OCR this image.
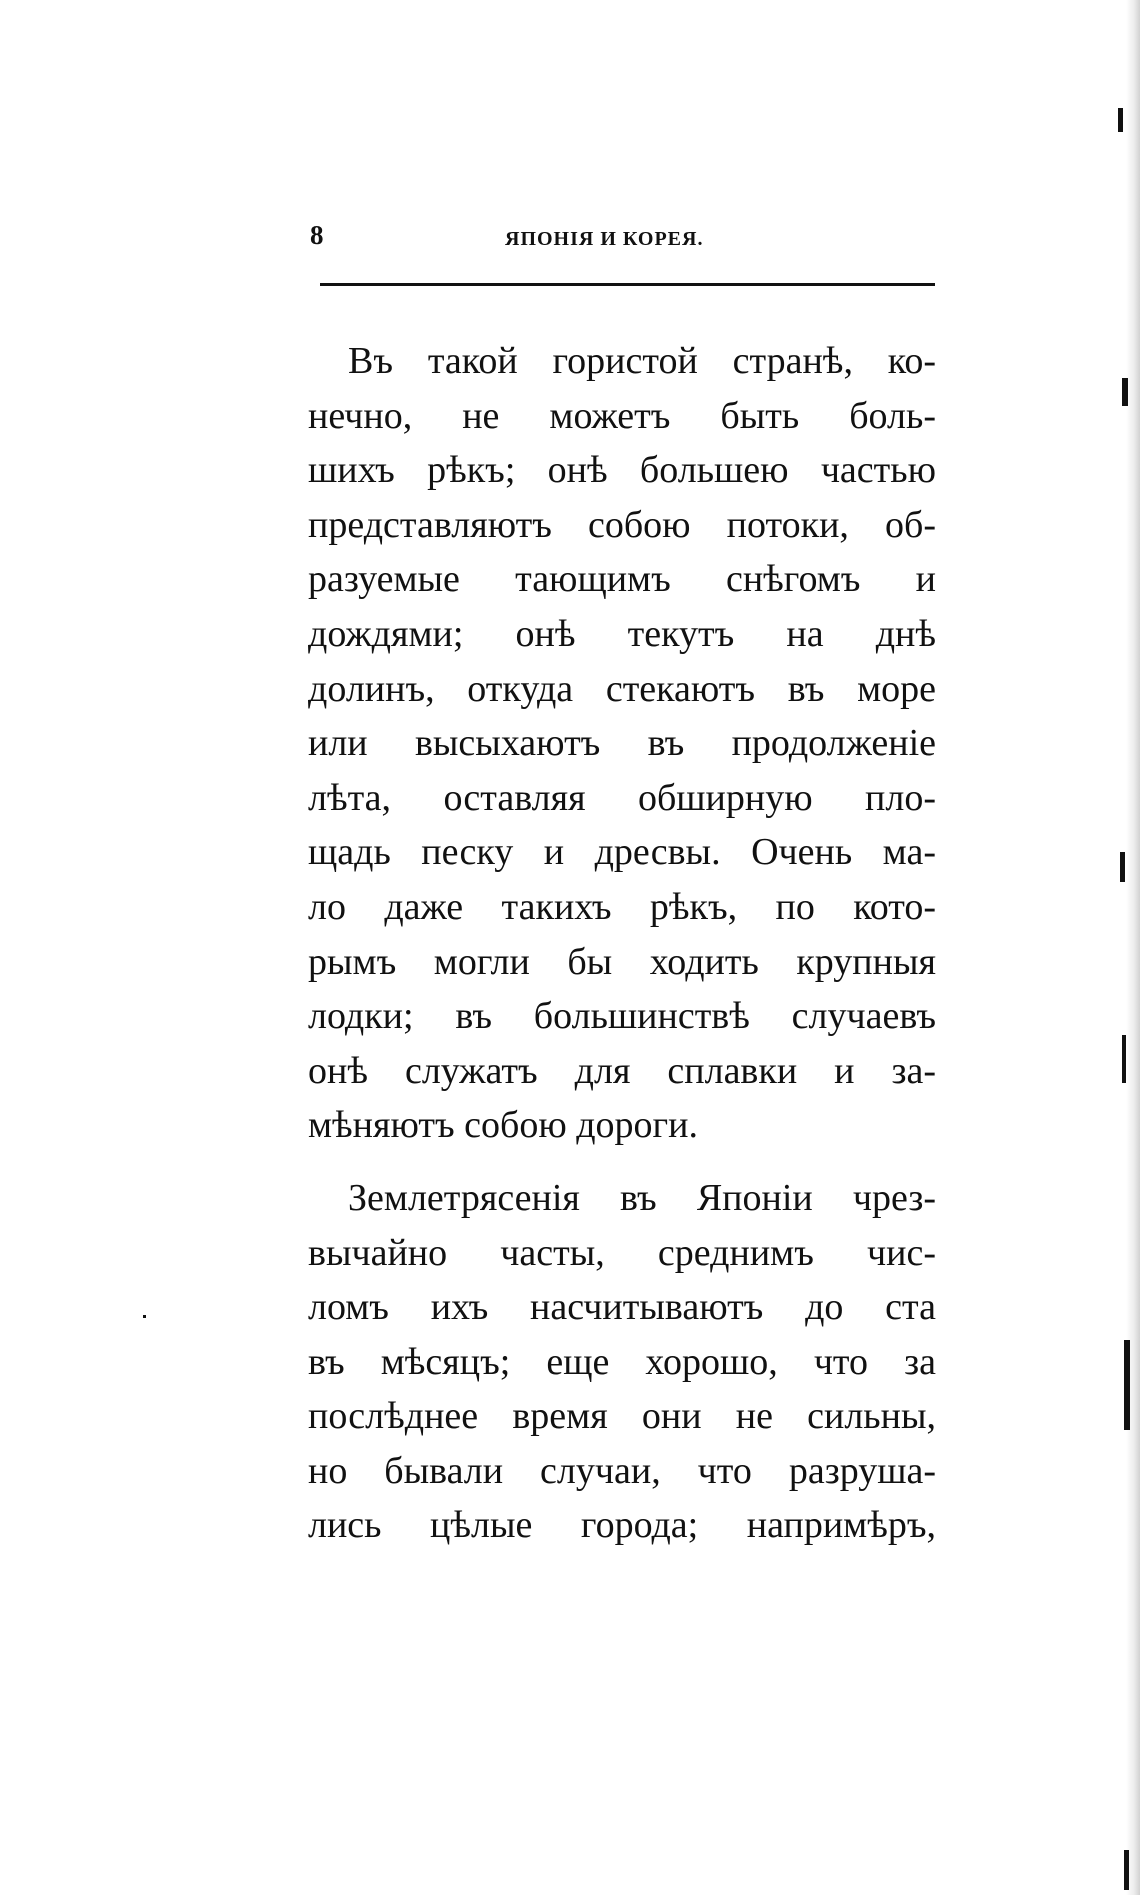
8	ЯПОНІЯ И КОРЕЯ.
Въ такой гористой странѣ, ко-
нечно, не можетъ быть боль-
шихъ рѣкъ; онѣ большею частью
представляютъ собою потоки, об-
разуемые тающимъ снѣгомъ и
дождями; онѣ текутъ на днѣ
долинъ, откуда стекаютъ въ море
или высыхаютъ въ продолженіе
лѣта, оставляя обширную пло-
щадь песку и дресвы. Очень ма-
ло даже такихъ рѣкъ, по кото-
рымъ могли бы ходить крупныя
лодки; въ большинствѣ случаевъ
онѣ служатъ для сплавки и за-
мѣняютъ собою дороги.
Землетрясенія въ Японіи чрез-
вычайно часты, среднимъ чис-
ломъ ихъ насчитываютъ до ста
въ мѣсяцъ; еще хорошо, что за
послѣднее время они не сильны,
но бывали случаи, что разруша-
лись цѣлые города; напримѣръ,
